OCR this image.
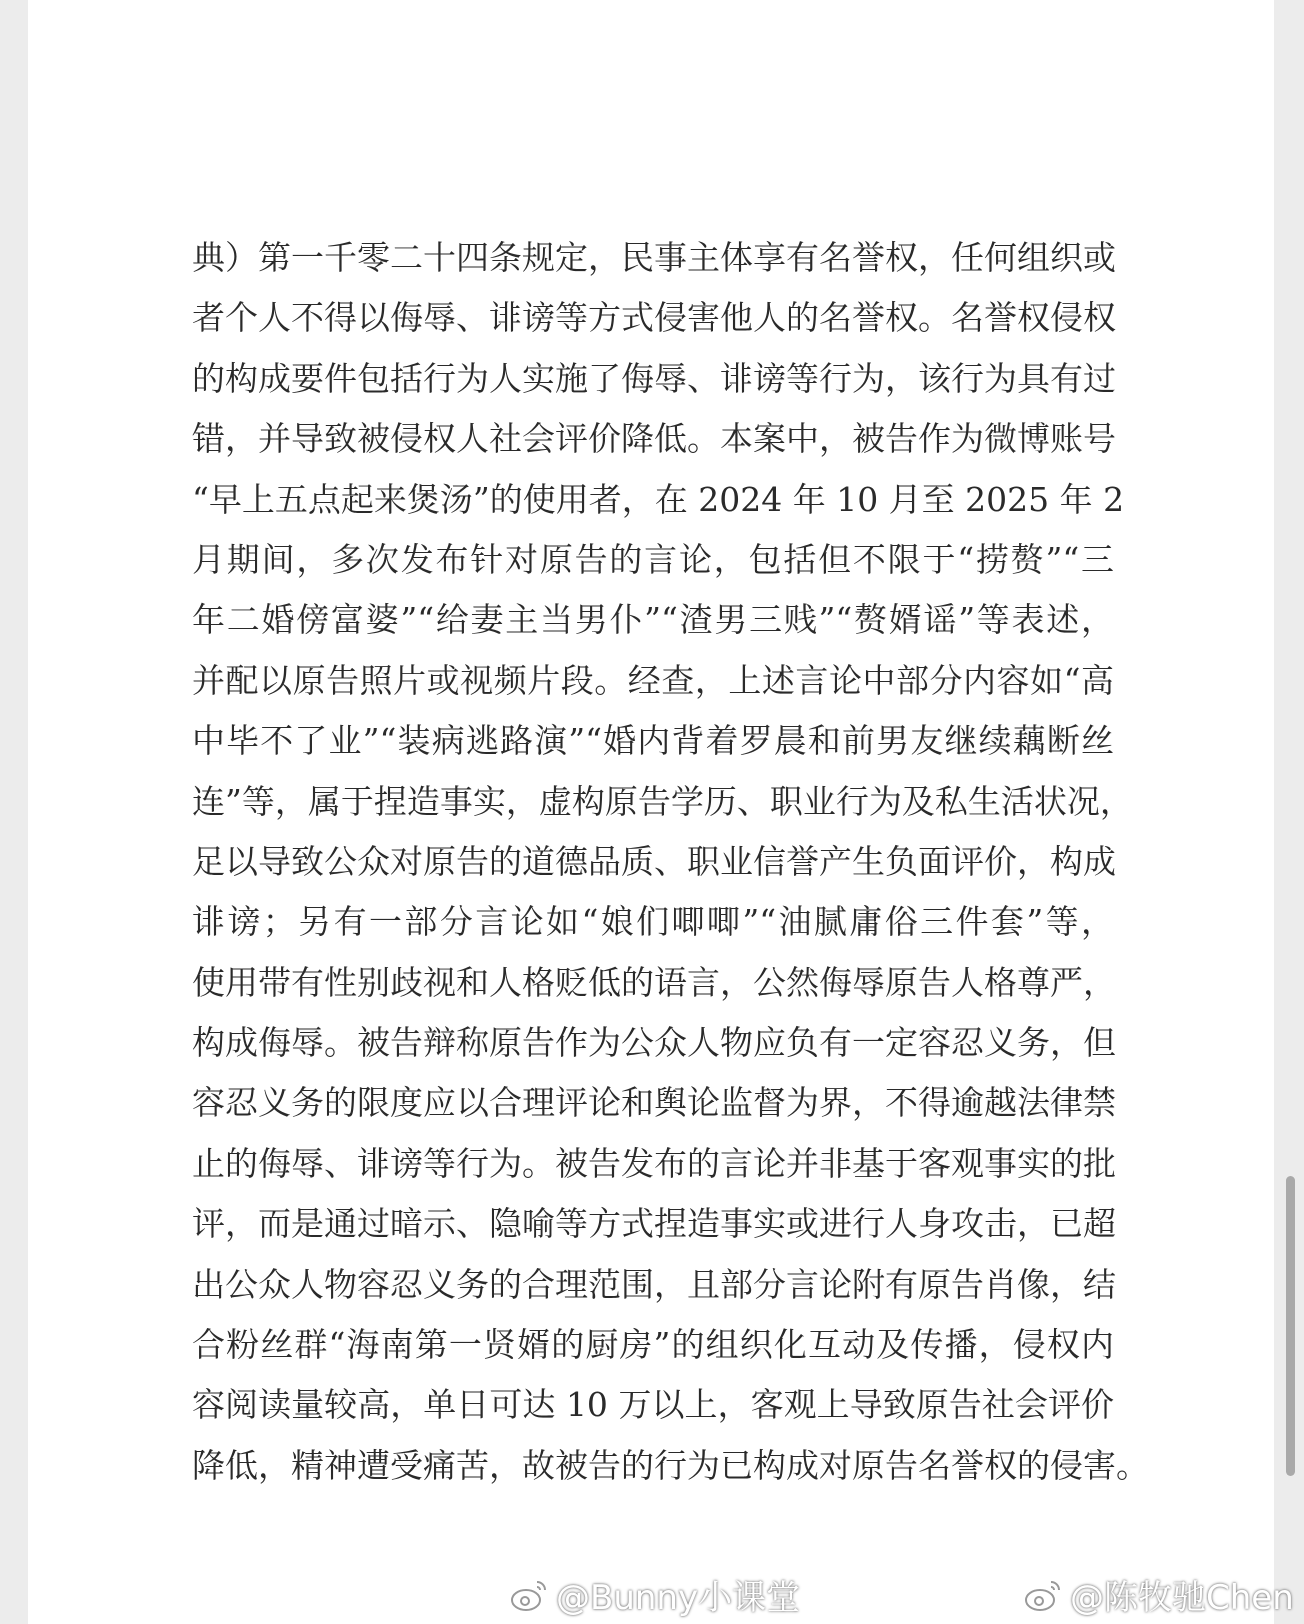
典）第一千零二十四条规定，民事主体享有名誉权，任何组织或
者个人不得以侮辱、诽谤等方式侵害他人的名誉权。名誉权侵权
的构成要件包括行为人实施了侮辱、诽谤等行为，该行为具有过
错，并导致被侵权人社会评价降低。本案中，被告作为微博账号
“早上五点起来煲汤”的使用者，在 2024 年 10 月至 2025 年 2
月期间，多次发布针对原告的言论，包括但不限于“捞赘”“三
年二婚傍富婆”“给妻主当男仆”“渣男三贱”“赘婿谣”等表述，
并配以原告照片或视频片段。经查，上述言论中部分内容如“高
中毕不了业”“装病逃路演”“婚内背着罗晨和前男友继续藕断丝
连”等，属于捏造事实，虚构原告学历、职业行为及私生活状况，
足以导致公众对原告的道德品质、职业信誉产生负面评价，构成
诽谤；另有一部分言论如“娘们唧唧”“油腻庸俗三件套”等，
使用带有性别歧视和人格贬低的语言，公然侮辱原告人格尊严，
构成侮辱。被告辩称原告作为公众人物应负有一定容忍义务，但
容忍义务的限度应以合理评论和舆论监督为界，不得逾越法律禁
止的侮辱、诽谤等行为。被告发布的言论并非基于客观事实的批
评，而是通过暗示、隐喻等方式捏造事实或进行人身攻击，已超
出公众人物容忍义务的合理范围，且部分言论附有原告肖像，结
合粉丝群“海南第一贤婿的厨房”的组织化互动及传播，侵权内
容阅读量较高，单日可达 10 万以上，客观上导致原告社会评价
降低，精神遭受痛苦，故被告的行为已构成对原告名誉权的侵害。
@Bunny小课堂	@陈牧驰Chen
